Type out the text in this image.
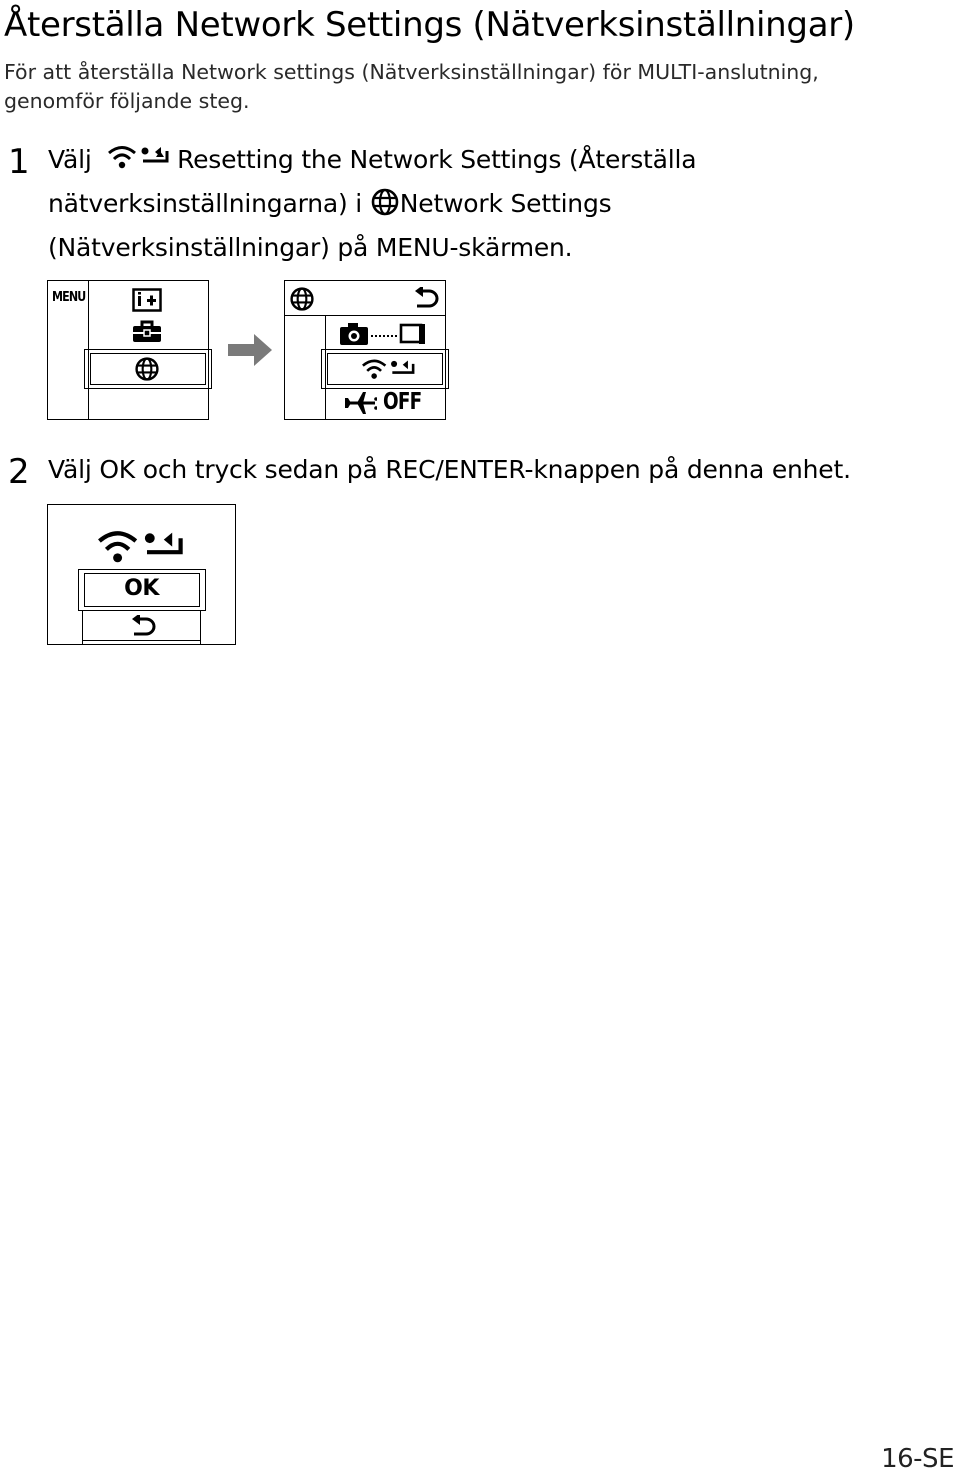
Återställa Network Settings (Nätverksinställningar)
För att återställa Network settings (Nätverksinställningar) för MULTI-anslutning,
genomför följande steg.
1 Välj	Resetting the Network Settings (Återställa
nätverksinställningarna) i Network Settings
(Nätverksinställningar) på MENU-skärmen.
MENU
OFF
2 Välj OK och tryck sedan på REC/ENTER-knappen på denna enhet.
OK
16-SE
